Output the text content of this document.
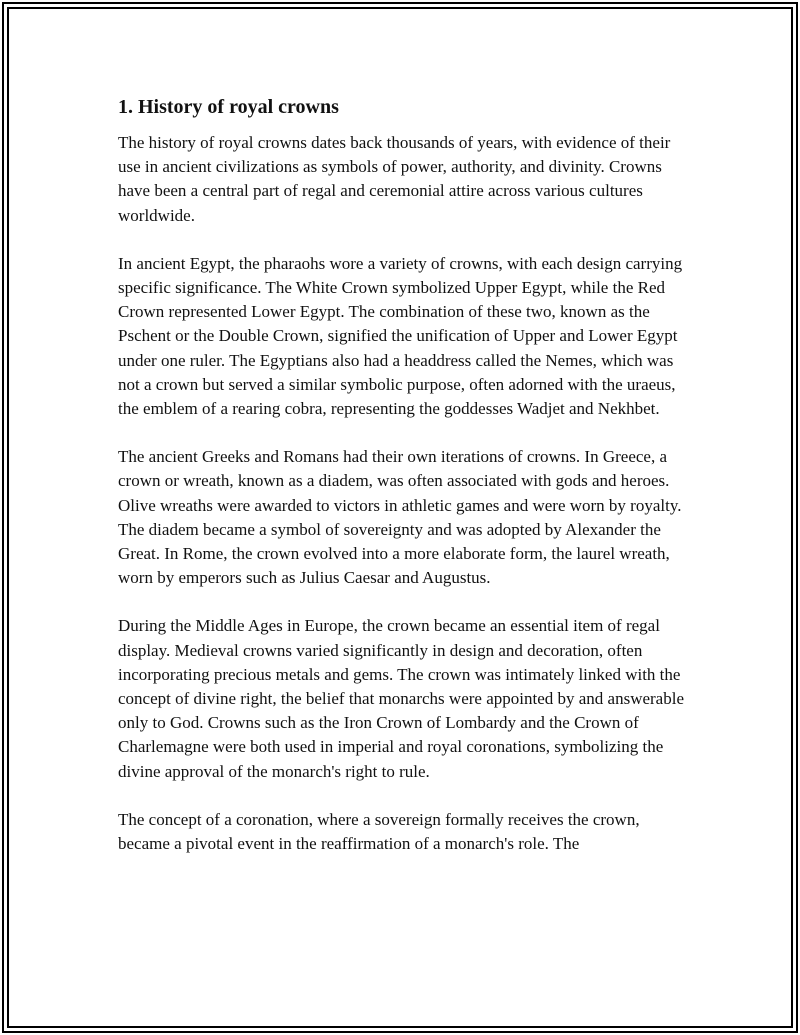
1. History of royal crowns

The history of royal crowns dates back thousands of years, with evidence of their use in ancient civilizations as symbols of power, authority, and divinity. Crowns have been a central part of regal and ceremonial attire across various cultures worldwide.

In ancient Egypt, the pharaohs wore a variety of crowns, with each design carrying specific significance. The White Crown symbolized Upper Egypt, while the Red Crown represented Lower Egypt. The combination of these two, known as the Pschent or the Double Crown, signified the unification of Upper and Lower Egypt under one ruler. The Egyptians also had a headdress called the Nemes, which was not a crown but served a similar symbolic purpose, often adorned with the uraeus, the emblem of a rearing cobra, representing the goddesses Wadjet and Nekhbet.

The ancient Greeks and Romans had their own iterations of crowns. In Greece, a crown or wreath, known as a diadem, was often associated with gods and heroes. Olive wreaths were awarded to victors in athletic games and were worn by royalty. The diadem became a symbol of sovereignty and was adopted by Alexander the Great. In Rome, the crown evolved into a more elaborate form, the laurel wreath, worn by emperors such as Julius Caesar and Augustus.

During the Middle Ages in Europe, the crown became an essential item of regal display. Medieval crowns varied significantly in design and decoration, often incorporating precious metals and gems. The crown was intimately linked with the concept of divine right, the belief that monarchs were appointed by and answerable only to God. Crowns such as the Iron Crown of Lombardy and the Crown of Charlemagne were both used in imperial and royal coronations, symbolizing the divine approval of the monarch's right to rule.

The concept of a coronation, where a sovereign formally receives the crown, became a pivotal event in the reaffirmation of a monarch's role. The
